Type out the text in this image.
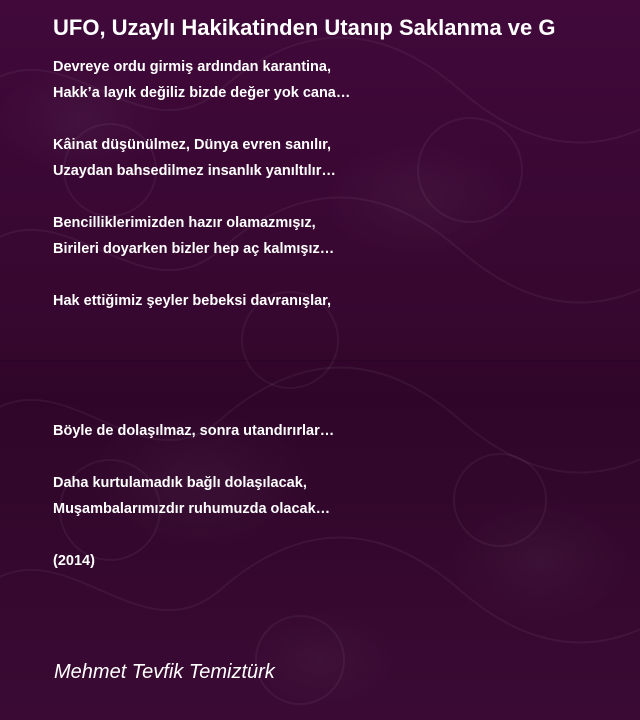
UFO, Uzaylı Hakikatinden Utanıp Saklanma ve G
Devreye ordu girmiş ardından karantina,
Hakk’a layık değiliz bizde değer yok cana…
Kâinat düşünülmez, Dünya evren sanılır,
Uzaydan bahsedilmez insanlık yanıltılır…
Bencilliklerimizden hazır olamazmışız,
Birileri doyarken bizler hep aç kalmışız…
Hak ettiğimiz şeyler bebeksi davranışlar,
Böyle de dolaşılmaz, sonra utandırırlar…
Daha kurtulamadık bağlı dolaşılacak,
Muşambalarımızdır ruhumuzda olacak…
(2014)
Mehmet Tevfik Temiztürk
